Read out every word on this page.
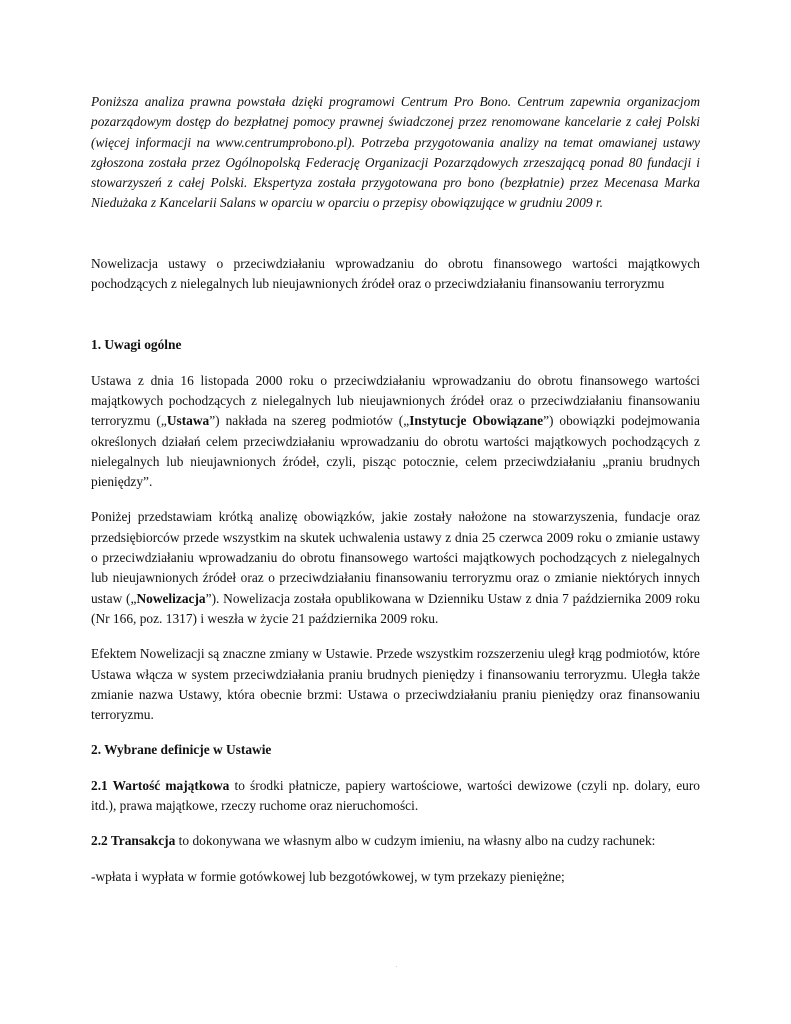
Poniższa analiza prawna powstała dzięki programowi Centrum Pro Bono. Centrum zapewnia organizacjom pozarządowym dostęp do bezpłatnej pomocy prawnej świadczonej przez renomowane kancelarie z całej Polski (więcej informacji na www.centrumprobono.pl). Potrzeba przygotowania analizy na temat omawianej ustawy zgłoszona została przez Ogólnopolską Federację Organizacji Pozarządowych zrzeszającą ponad 80 fundacji i stowarzyszeń z całej Polski. Ekspertyza została przygotowana pro bono (bezpłatnie) przez Mecenasa Marka Niedużaka z Kancelarii Salans w oparciu w oparciu o przepisy obowiązujące w grudniu 2009 r.

Nowelizacja ustawy o przeciwdziałaniu wprowadzaniu do obrotu finansowego wartości majątkowych pochodzących z nielegalnych lub nieujawnionych źródeł oraz o przeciwdziałaniu finansowaniu terroryzmu

1. Uwagi ogólne

Ustawa z dnia 16 listopada 2000 roku o przeciwdziałaniu wprowadzaniu do obrotu finansowego wartości majątkowych pochodzących z nielegalnych lub nieujawnionych źródeł oraz o przeciwdziałaniu finansowaniu terroryzmu („Ustawa”) nakłada na szereg podmiotów („Instytucje Obowiązane”) obowiązki podejmowania określonych działań celem przeciwdziałaniu wprowadzaniu do obrotu wartości majątkowych pochodzących z nielegalnych lub nieujawnionych źródeł, czyli, pisząc potocznie, celem przeciwdziałaniu „praniu brudnych pieniędzy”.

Poniżej przedstawiam krótką analizę obowiązków, jakie zostały nałożone na stowarzyszenia, fundacje oraz przedsiębiorców przede wszystkim na skutek uchwalenia ustawy z dnia 25 czerwca 2009 roku o zmianie ustawy o przeciwdziałaniu wprowadzaniu do obrotu finansowego wartości majątkowych pochodzących z nielegalnych lub nieujawnionych źródeł oraz o przeciwdziałaniu finansowaniu terroryzmu oraz o zmianie niektórych innych ustaw („Nowelizacja”). Nowelizacja została opublikowana w Dzienniku Ustaw z dnia 7 października 2009 roku (Nr 166, poz. 1317) i weszła w życie 21 października 2009 roku.

Efektem Nowelizacji są znaczne zmiany w Ustawie. Przede wszystkim rozszerzeniu uległ krąg podmiotów, które Ustawa włącza w system przeciwdziałania praniu brudnych pieniędzy i finansowaniu terroryzmu. Uległa także zmianie nazwa Ustawy, która obecnie brzmi: Ustawa o przeciwdziałaniu praniu pieniędzy oraz finansowaniu terroryzmu.

2. Wybrane definicje w Ustawie

2.1 Wartość majątkowa to środki płatnicze, papiery wartościowe, wartości dewizowe (czyli np. dolary, euro itd.), prawa majątkowe, rzeczy ruchome oraz nieruchomości.

2.2 Transakcja to dokonywana we własnym albo w cudzym imieniu, na własny albo na cudzy rachunek:

-wpłata i wypłata w formie gotówkowej lub bezgotówkowej, w tym przekazy pieniężne;

.
